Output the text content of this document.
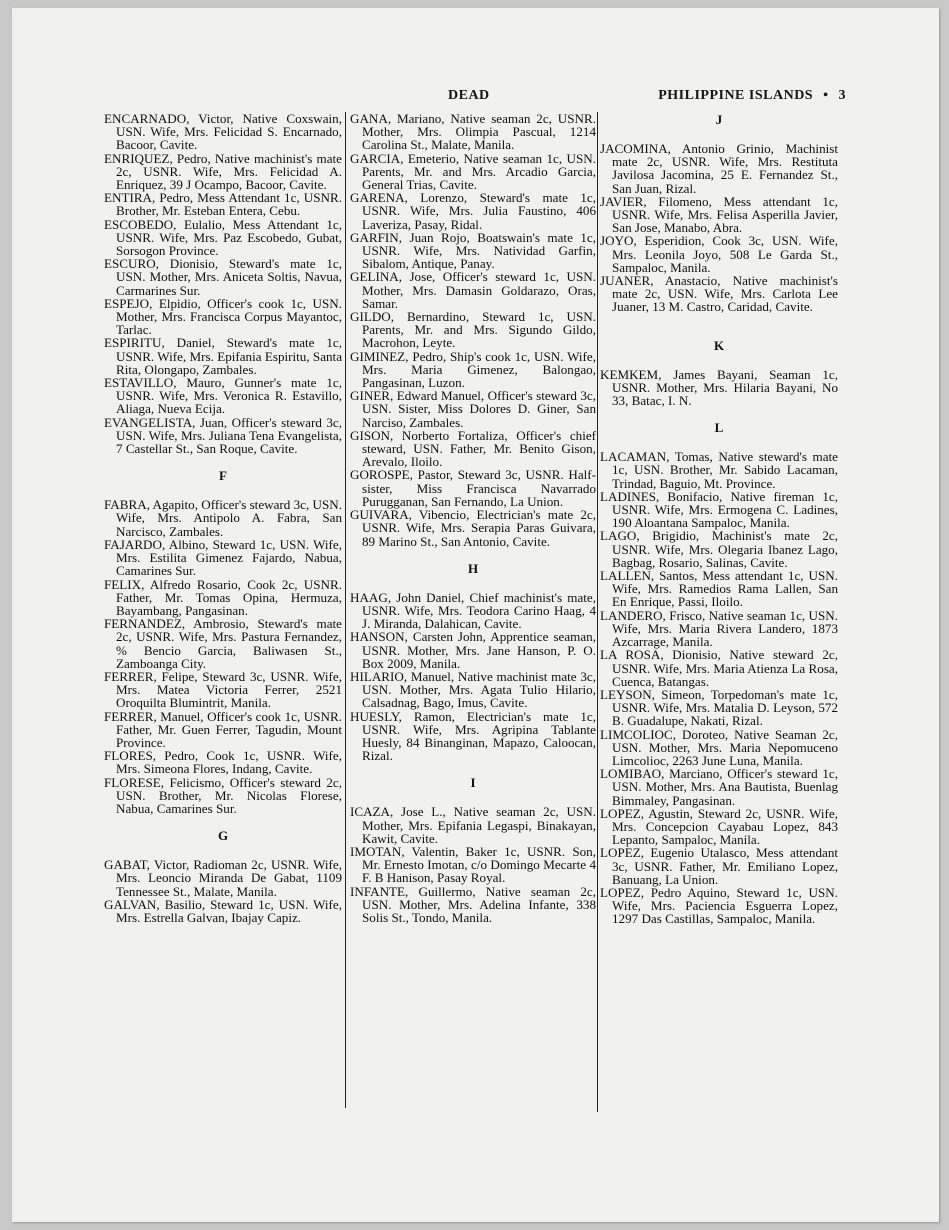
DEAD	PHILIPPINE ISLANDS • 3

ENCARNADO, Victor, Native Coxswain, USN. Wife, Mrs. Felicidad S. Encarnado, Bacoor, Cavite.

ENRIQUEZ, Pedro, Native machinist's mate 2c, USNR. Wife, Mrs. Felicidad A. Enriquez, 39 J Ocampo, Bacoor, Cavite.

ENTIRA, Pedro, Mess Attendant 1c, USNR. Brother, Mr. Esteban Entera, Cebu.

ESCOBEDO, Eulalio, Mess Attendant 1c, USNR. Wife, Mrs. Paz Escobedo, Gubat, Sorsogon Province.

ESCURO, Dionisio, Steward's mate 1c, USN. Mother, Mrs. Aniceta Soltis, Navua, Carmarines Sur.

ESPEJO, Elpidio, Officer's cook 1c, USN. Mother, Mrs. Francisca Corpus Mayantoc, Tarlac.

ESPIRITU, Daniel, Steward's mate 1c, USNR. Wife, Mrs. Epifania Espiritu, Santa Rita, Olongapo, Zambales.

ESTAVILLO, Mauro, Gunner's mate 1c, USNR. Wife, Mrs. Veronica R. Estavillo, Aliaga, Nueva Ecija.

EVANGELISTA, Juan, Officer's steward 3c, USN. Wife, Mrs. Juliana Tena Evangelista, 7 Castellar St., San Roque, Cavite.

F

FABRA, Agapito, Officer's steward 3c, USN. Wife, Mrs. Antipolo A. Fabra, San Narcisco, Zambales.

FAJARDO, Albino, Steward 1c, USN. Wife, Mrs. Estilita Gimenez Fajardo, Nabua, Camarines Sur.

FELIX, Alfredo Rosario, Cook 2c, USNR. Father, Mr. Tomas Opina, Hermuza, Bayambang, Pangasinan.

FERNANDEZ, Ambrosio, Steward's mate 2c, USNR. Wife, Mrs. Pastura Fernandez, % Bencio Garcia, Baliwasen St., Zamboanga City.

FERRER, Felipe, Steward 3c, USNR. Wife, Mrs. Matea Victoria Ferrer, 2521 Oroquilta Blumintrit, Manila.

FERRER, Manuel, Officer's cook 1c, USNR. Father, Mr. Guen Ferrer, Tagudin, Mount Province.

FLORES, Pedro, Cook 1c, USNR. Wife, Mrs. Simeona Flores, Indang, Cavite.

FLORESE, Felicismo, Officer's steward 2c, USN. Brother, Mr. Nicolas Florese, Nabua, Camarines Sur.

G

GABAT, Victor, Radioman 2c, USNR. Wife, Mrs. Leoncio Miranda De Gabat, 1109 Tennessee St., Malate, Manila.

GALVAN, Basilio, Steward 1c, USN. Wife, Mrs. Estrella Galvan, Ibajay Capiz.

GANA, Mariano, Native seaman 2c, USNR. Mother, Mrs. Olimpia Pascual, 1214 Carolina St., Malate, Manila.

GARCIA, Emeterio, Native seaman 1c, USN. Parents, Mr. and Mrs. Arcadio Garcia, General Trias, Cavite.

GARENA, Lorenzo, Steward's mate 1c, USNR. Wife, Mrs. Julia Faustino, 406 Laveriza, Pasay, Ridal.

GARFIN, Juan Rojo, Boatswain's mate 1c, USNR. Wife, Mrs. Natividad Garfin, Sibalom, Antique, Panay.

GELINA, Jose, Officer's steward 1c, USN. Mother, Mrs. Damasin Goldarazo, Oras, Samar.

GILDO, Bernardino, Steward 1c, USN. Parents, Mr. and Mrs. Sigundo Gildo, Macrohon, Leyte.

GIMINEZ, Pedro, Ship's cook 1c, USN. Wife, Mrs. Maria Gimenez, Balongao, Pangasinan, Luzon.

GINER, Edward Manuel, Officer's steward 3c, USN. Sister, Miss Dolores D. Giner, San Narciso, Zambales.

GISON, Norberto Fortaliza, Officer's chief steward, USN. Father, Mr. Benito Gison, Arevalo, Iloilo.

GOROSPE, Pastor, Steward 3c, USNR. Half-sister, Miss Francisca Navarrado Purugganan, San Fernando, La Union.

GUIVARA, Vibencio, Electrician's mate 2c, USNR. Wife, Mrs. Serapia Paras Guivara, 89 Marino St., San Antonio, Cavite.

H

HAAG, John Daniel, Chief machinist's mate, USNR. Wife, Mrs. Teodora Carino Haag, 4 J. Miranda, Dalahican, Cavite.

HANSON, Carsten John, Apprentice seaman, USNR. Mother, Mrs. Jane Hanson, P. O. Box 2009, Manila.

HILARIO, Manuel, Native machinist mate 3c, USN. Mother, Mrs. Agata Tulio Hilario, Calsadnag, Bago, Imus, Cavite.

HUESLY, Ramon, Electrician's mate 1c, USNR. Wife, Mrs. Agripina Tablante Huesly, 84 Binanginan, Mapazo, Caloocan, Rizal.

I

ICAZA, Jose L., Native seaman 2c, USN. Mother, Mrs. Epifania Legaspi, Binakayan, Kawit, Cavite.

IMOTAN, Valentin, Baker 1c, USNR. Son, Mr. Ernesto Imotan, c/o Domingo Mecarte 4 F. B Hanison, Pasay Royal.

INFANTE, Guillermo, Native seaman 2c, USN. Mother, Mrs. Adelina Infante, 338 Solis St., Tondo, Manila.

J

JACOMINA, Antonio Grinio, Machinist mate 2c, USNR. Wife, Mrs. Restituta Javilosa Jacomina, 25 E. Fernandez St., San Juan, Rizal.

JAVIER, Filomeno, Mess attendant 1c, USNR. Wife, Mrs. Felisa Asperilla Javier, San Jose, Manabo, Abra.

JOYO, Esperidion, Cook 3c, USN. Wife, Mrs. Leonila Joyo, 508 Le Garda St., Sampaloc, Manila.

JUANER, Anastacio, Native machinist's mate 2c, USN. Wife, Mrs. Carlota Lee Juaner, 13 M. Castro, Caridad, Cavite.

K

KEMKEM, James Bayani, Seaman 1c, USNR. Mother, Mrs. Hilaria Bayani, No 33, Batac, I. N.

L

LACAMAN, Tomas, Native steward's mate 1c, USN. Brother, Mr. Sabido Lacaman, Trindad, Baguio, Mt. Province.

LADINES, Bonifacio, Native fireman 1c, USNR. Wife, Mrs. Ermogena C. Ladines, 190 Aloantana Sampaloc, Manila.

LAGO, Brigidio, Machinist's mate 2c, USNR. Wife, Mrs. Olegaria Ibanez Lago, Bagbag, Rosario, Salinas, Cavite.

LALLEN, Santos, Mess attendant 1c, USN. Wife, Mrs. Ramedios Rama Lallen, San En Enrique, Passi, Iloilo.

LANDERO, Frisco, Native seaman 1c, USN. Wife, Mrs. Maria Rivera Landero, 1873 Azcarrage, Manila.

LA ROSA, Dionisio, Native steward 2c, USNR. Wife, Mrs. Maria Atienza La Rosa, Cuenca, Batangas.

LEYSON, Simeon, Torpedoman's mate 1c, USNR. Wife, Mrs. Matalia D. Leyson, 572 B. Guadalupe, Nakati, Rizal.

LIMCOLIOC, Doroteo, Native Seaman 2c, USN. Mother, Mrs. Maria Nepomuceno Limcolioc, 2263 June Luna, Manila.

LOMIBAO, Marciano, Officer's steward 1c, USN. Mother, Mrs. Ana Bautista, Buenlag Bimmaley, Pangasinan.

LOPEZ, Agustin, Steward 2c, USNR. Wife, Mrs. Concepcion Cayabau Lopez, 843 Lepanto, Sampaloc, Manila.

LOPEZ, Eugenio Utalasco, Mess attendant 3c, USNR. Father, Mr. Emiliano Lopez, Banuang, La Union.

LOPEZ, Pedro Aquino, Steward 1c, USN. Wife, Mrs. Paciencia Esguerra Lopez, 1297 Das Castillas, Sampaloc, Manila.
